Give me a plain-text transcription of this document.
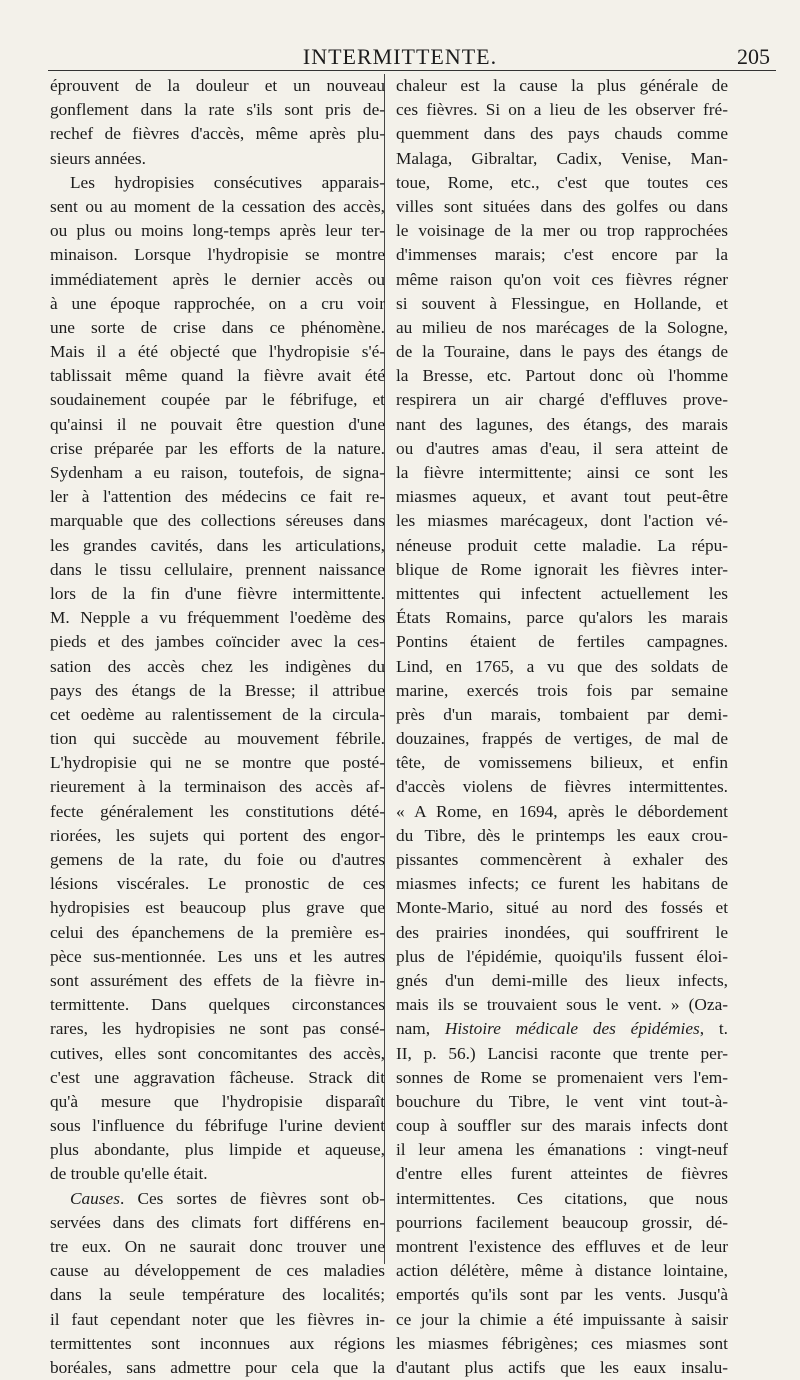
INTERMITTENTE.	205
éprouvent de la douleur et un nouveau
gonflement dans la rate s'ils sont pris de-
rechef de fièvres d'accès, même après plu-
sieurs années.
Les hydropisies consécutives apparais-
sent ou au moment de la cessation des accès,
ou plus ou moins long-temps après leur ter-
minaison. Lorsque l'hydropisie se montre
immédiatement après le dernier accès ou
à une époque rapprochée, on a cru voir
une sorte de crise dans ce phénomène.
Mais il a été objecté que l'hydropisie s'é-
tablissait même quand la fièvre avait été
soudainement coupée par le fébrifuge, et
qu'ainsi il ne pouvait être question d'une
crise préparée par les efforts de la nature.
Sydenham a eu raison, toutefois, de signa-
ler à l'attention des médecins ce fait re-
marquable que des collections séreuses dans
les grandes cavités, dans les articulations,
dans le tissu cellulaire, prennent naissance
lors de la fin d'une fièvre intermittente.
M. Nepple a vu fréquemment l'oedème des
pieds et des jambes coïncider avec la ces-
sation des accès chez les indigènes du
pays des étangs de la Bresse; il attribue
cet oedème au ralentissement de la circula-
tion qui succède au mouvement fébrile.
L'hydropisie qui ne se montre que posté-
rieurement à la terminaison des accès af-
fecte généralement les constitutions dété-
riorées, les sujets qui portent des engor-
gemens de la rate, du foie ou d'autres
lésions viscérales. Le pronostic de ces
hydropisies est beaucoup plus grave que
celui des épanchemens de la première es-
pèce sus-mentionnée. Les uns et les autres
sont assurément des effets de la fièvre in-
termittente. Dans quelques circonstances
rares, les hydropisies ne sont pas consé-
cutives, elles sont concomitantes des accès,
c'est une aggravation fâcheuse. Strack dit
qu'à mesure que l'hydropisie disparaît
sous l'influence du fébrifuge l'urine devient
plus abondante, plus limpide et aqueuse,
de trouble qu'elle était.
Causes. Ces sortes de fièvres sont ob-
servées dans des climats fort différens en-
tre eux. On ne saurait donc trouver une
cause au développement de ces maladies
dans la seule température des localités;
il faut cependant noter que les fièvres in-
termittentes sont inconnues aux régions
boréales, sans admettre pour cela que la
chaleur est la cause la plus générale de
ces fièvres. Si on a lieu de les observer fré-
quemment dans des pays chauds comme
Malaga, Gibraltar, Cadix, Venise, Man-
toue, Rome, etc., c'est que toutes ces
villes sont situées dans des golfes ou dans
le voisinage de la mer ou trop rapprochées
d'immenses marais; c'est encore par la
même raison qu'on voit ces fièvres régner
si souvent à Flessingue, en Hollande, et
au milieu de nos marécages de la Sologne,
de la Touraine, dans le pays des étangs de
la Bresse, etc. Partout donc où l'homme
respirera un air chargé d'effluves prove-
nant des lagunes, des étangs, des marais
ou d'autres amas d'eau, il sera atteint de
la fièvre intermittente; ainsi ce sont les
miasmes aqueux, et avant tout peut-être
les miasmes marécageux, dont l'action vé-
néneuse produit cette maladie. La répu-
blique de Rome ignorait les fièvres inter-
mittentes qui infectent actuellement les
États Romains, parce qu'alors les marais
Pontins étaient de fertiles campagnes.
Lind, en 1765, a vu que des soldats de
marine, exercés trois fois par semaine
près d'un marais, tombaient par demi-
douzaines, frappés de vertiges, de mal de
tête, de vomissemens bilieux, et enfin
d'accès violens de fièvres intermittentes.
« A Rome, en 1694, après le débordement
du Tibre, dès le printemps les eaux crou-
pissantes commencèrent à exhaler des
miasmes infects; ce furent les habitans de
Monte-Mario, situé au nord des fossés et
des prairies inondées, qui souffrirent le
plus de l'épidémie, quoiqu'ils fussent éloi-
gnés d'un demi-mille des lieux infects,
mais ils se trouvaient sous le vent. » (Oza-
nam, Histoire médicale des épidémies, t.
II, p. 56.) Lancisi raconte que trente per-
sonnes de Rome se promenaient vers l'em-
bouchure du Tibre, le vent vint tout-à-
coup à souffler sur des marais infects dont
il leur amena les émanations : vingt-neuf
d'entre elles furent atteintes de fièvres
intermittentes. Ces citations, que nous
pourrions facilement beaucoup grossir, dé-
montrent l'existence des effluves et de leur
action délétère, même à distance lointaine,
emportés qu'ils sont par les vents. Jusqu'à
ce jour la chimie a été impuissante à saisir
les miasmes fébrigènes; ces miasmes sont
d'autant plus actifs que les eaux insalu-
